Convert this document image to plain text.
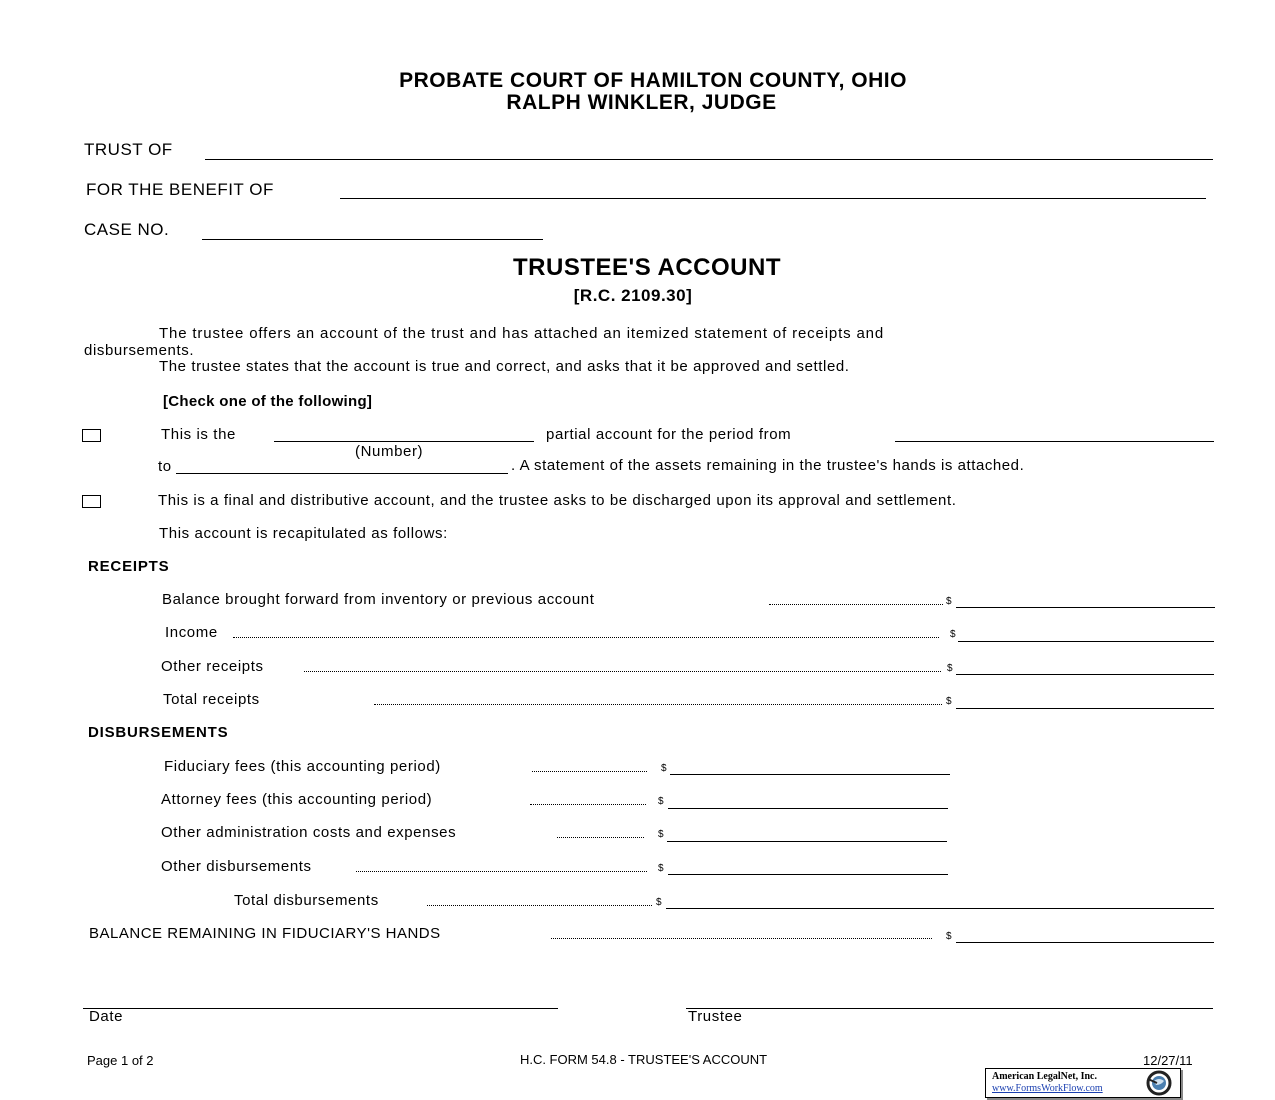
PROBATE COURT OF HAMILTON COUNTY, OHIO
RALPH WINKLER, JUDGE
TRUST OF
FOR THE BENEFIT OF
CASE NO.
TRUSTEE'S ACCOUNT
[R.C. 2109.30]
The trustee offers an account of the trust and has attached an itemized statement of receipts and
disbursements.
The trustee states that the account is true and correct, and asks that it be approved and settled.
[Check one of the following]
This is the	partial account for the period from
(Number)
to	. A statement of the assets remaining in the trustee's hands is attached.
This is a final and distributive account, and the trustee asks to be discharged upon its approval and settlement.
This account is recapitulated as follows:
RECEIPTS
Balance brought forward from inventory or previous account	$
Income	$
Other receipts	$
Total receipts	$
DISBURSEMENTS
Fiduciary fees (this accounting period)	$
Attorney fees (this accounting period)	$
Other administration costs and expenses	$
Other disbursements	$
Total disbursements	$
BALANCE REMAINING IN FIDUCIARY'S HANDS	$
Date	Trustee
Page 1 of 2	H.C. FORM 54.8 - TRUSTEE'S ACCOUNT	12/27/11
American LegalNet, Inc.
www.FormsWorkFlow.com
